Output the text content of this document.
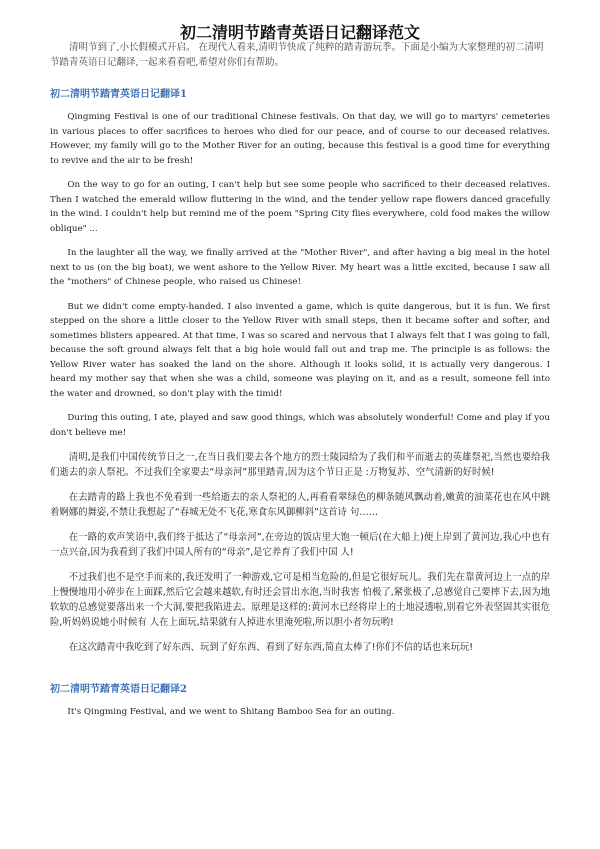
初二清明节踏青英语日记翻译范文

清明节到了,小长假模式开启。 在现代人看来,清明节快成了纯粹的踏青游玩季。下面是小编为大家整理的初二清明节踏青英语日记翻译,一起来看看吧,希望对你们有帮助。

初二清明节踏青英语日记翻译1

Qingming Festival is one of our traditional Chinese festivals. On that day, we will go to martyrs' cemeteries in various places to offer sacrifices to heroes who died for our peace, and of course to our deceased relatives. However, my family will go to the Mother River for an outing, because this festival is a good time for everything to revive and the air to be fresh!

On the way to go for an outing, I can't help but see some people who sacrificed to their deceased relatives. Then I watched the emerald willow fluttering in the wind, and the tender yellow rape flowers danced gracefully in the wind. I couldn't help but remind me of the poem "Spring City flies everywhere, cold food makes the willow oblique" ...

In the laughter all the way, we finally arrived at the "Mother River", and after having a big meal in the hotel next to us (on the big boat), we went ashore to the Yellow River. My heart was a little excited, because I saw all the "mothers" of Chinese people, who raised us Chinese!

But we didn't come empty-handed. I also invented a game, which is quite dangerous, but it is fun. We first stepped on the shore a little closer to the Yellow River with small steps, then it became softer and softer, and sometimes blisters appeared. At that time, I was so scared and nervous that I always felt that I was going to fall, because the soft ground always felt that a big hole would fall out and trap me. The principle is as follows: the Yellow River water has soaked the land on the shore. Although it looks solid, it is actually very dangerous. I heard my mother say that when she was a child, someone was playing on it, and as a result, someone fell into the water and drowned, so don't play with the timid!

During this outing, I ate, played and saw good things, which was absolutely wonderful! Come and play if you don't believe me!

清明,是我们中国传统节日之一,在当日我们要去各个地方的烈士陵园给为了我们和平而逝去的英雄祭祀,当然也要给我们逝去的亲人祭祀。不过我们全家要去“母亲河”那里踏青,因为这个节日正是 :万物复苏、空气清新的好时候!

在去踏青的路上我也不免看到一些给逝去的亲人祭祀的人,再看看翠绿色的柳条随风飘动着,嫩黄的油菜花也在风中跳着婀娜的舞姿,不禁让我想起了“春城无处不飞花,寒食东风御柳斜”这首诗 句……

在一路的欢声笑语中,我们终于抵达了“母亲河”,在旁边的饭店里大饱一顿后(在大船上)便上岸到了黄河边,我心中也有一点兴奋,因为我看到了我们中国人所有的“母亲”,是它养育了我们中国 人!

不过我们也不是空手而来的,我还发明了一种游戏,它可是相当危险的,但是它很好玩儿。我们先在靠黄河边上一点的岸上慢慢地用小碎步在上面踩,然后它会越来越软,有时还会冒出水泡,当时我害 怕极了,紧张极了,总感觉自己要摔下去,因为地软软的总感觉要落出来一个大洞,要把我陷进去。原理是这样的:黄河水已经将岸上的土地浸透啦,别看它外表坚固其实很危险,听妈妈说她小时候有 人在上面玩,结果就有人掉进水里淹死啦,所以胆小者勿玩哟!

在这次踏青中我吃到了好东西、玩到了好东西、看到了好东西,简直太棒了!你们不信的话也来玩玩!

初二清明节踏青英语日记翻译2

It's Qingming Festival, and we went to Shitang Bamboo Sea for an outing.
